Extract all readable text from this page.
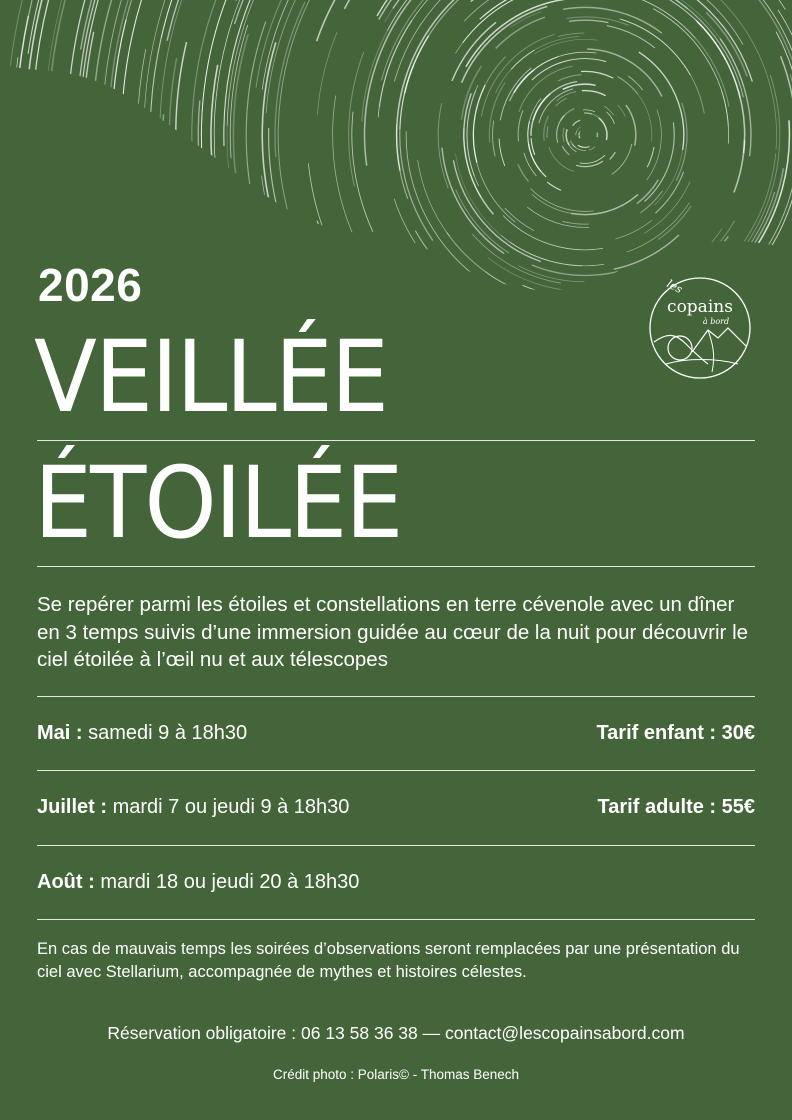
les
copains
à bord
2026
VEILLÉE
ÉTOILÉE
Se repérer parmi les étoiles et constellations en terre cévenole avec un dîner en 3 temps suivis d’une immersion guidée au cœur de la nuit pour découvrir le ciel étoilée à l’œil nu et aux télescopes
Mai : samedi 9 à 18h30	Tarif enfant : 30€
Juillet : mardi 7 ou jeudi 9 à 18h30	Tarif adulte : 55€
Août : mardi 18 ou jeudi 20 à 18h30
En cas de mauvais temps les soirées d’observations seront remplacées par une présentation du ciel avec Stellarium, accompagnée de mythes et histoires célestes.
Réservation obligatoire : 06 13 58 36 38 — contact@lescopainsabord.com
Crédit photo : Polaris© - Thomas Benech
